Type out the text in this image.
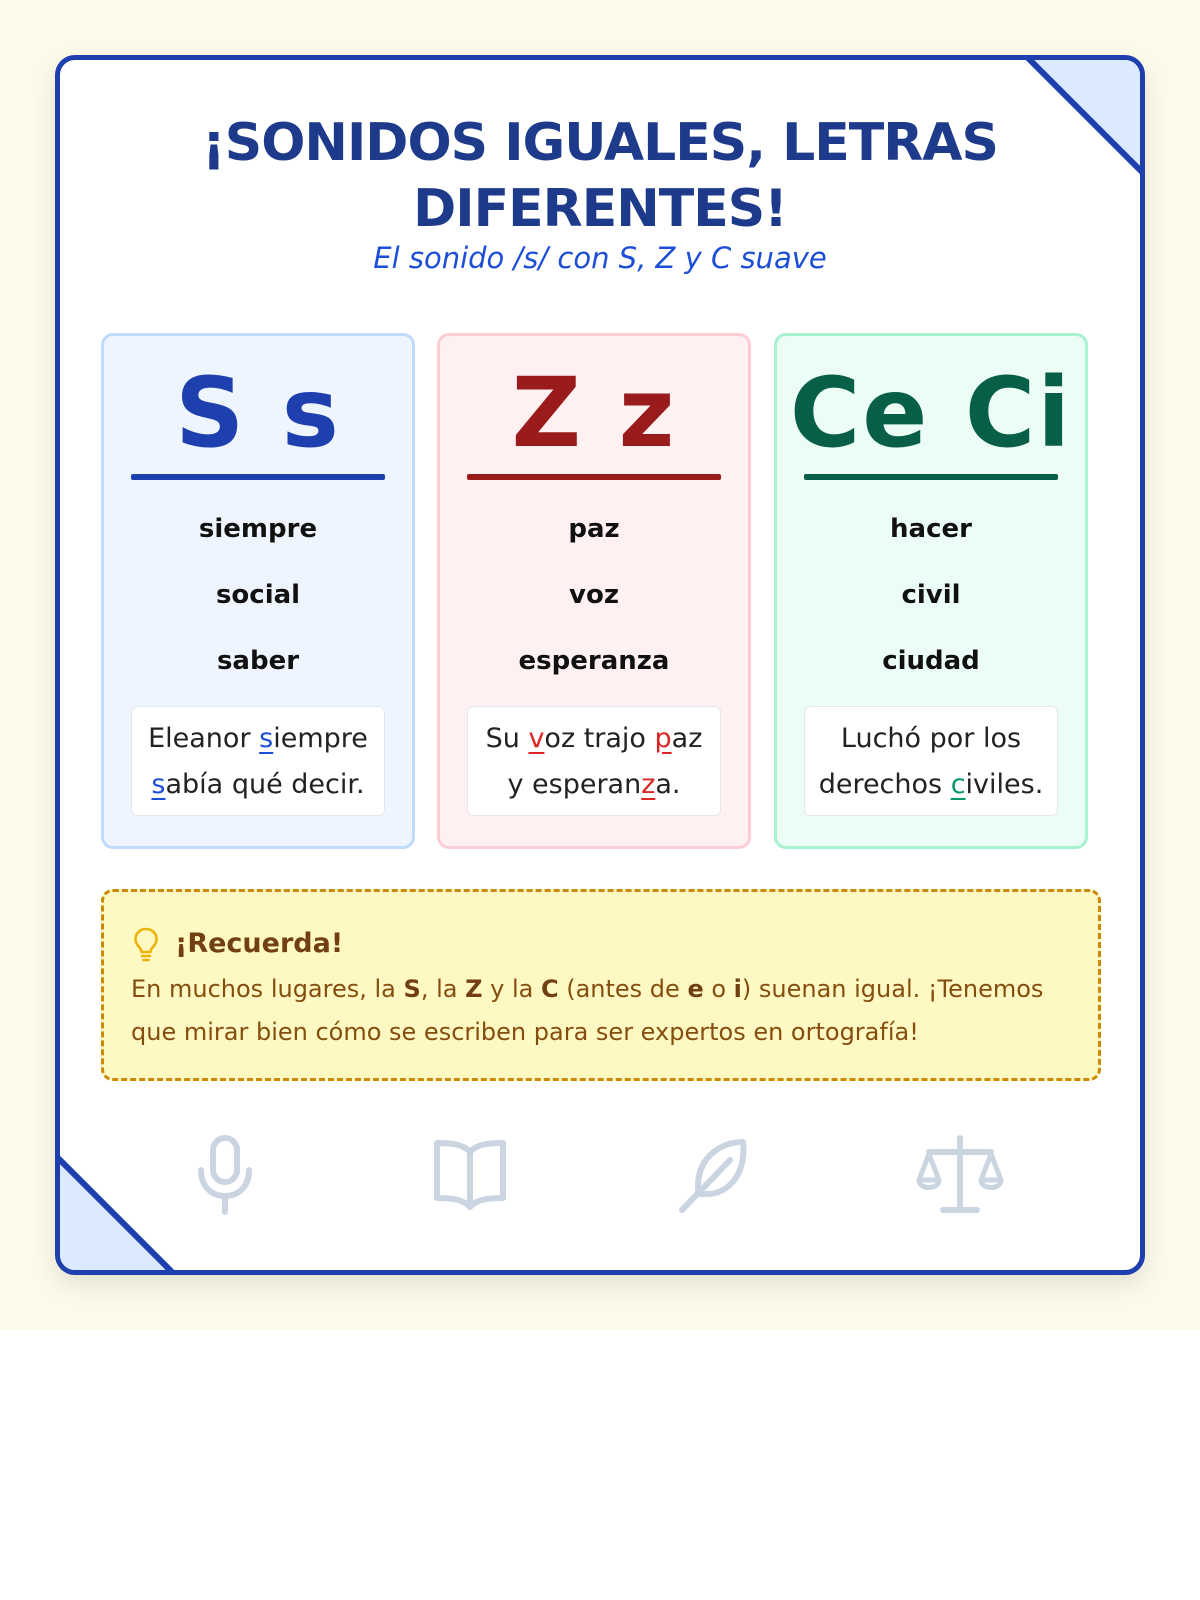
¡SONIDOS IGUALES, LETRAS DIFERENTES!
El sonido /s/ con S, Z y C suave
S s
siempre
social
saber
Eleanor siempre
sabía qué decir.
Z z
paz
voz
esperanza
Su voz trajo paz
y esperanza.
Ce Ci
hacer
civil
ciudad
Luchó por los
derechos civiles.
¡Recuerda!
En muchos lugares, la S, la Z y la C (antes de e o i) suenan igual. ¡Tenemos que mirar bien cómo se escriben para ser expertos en ortografía!
